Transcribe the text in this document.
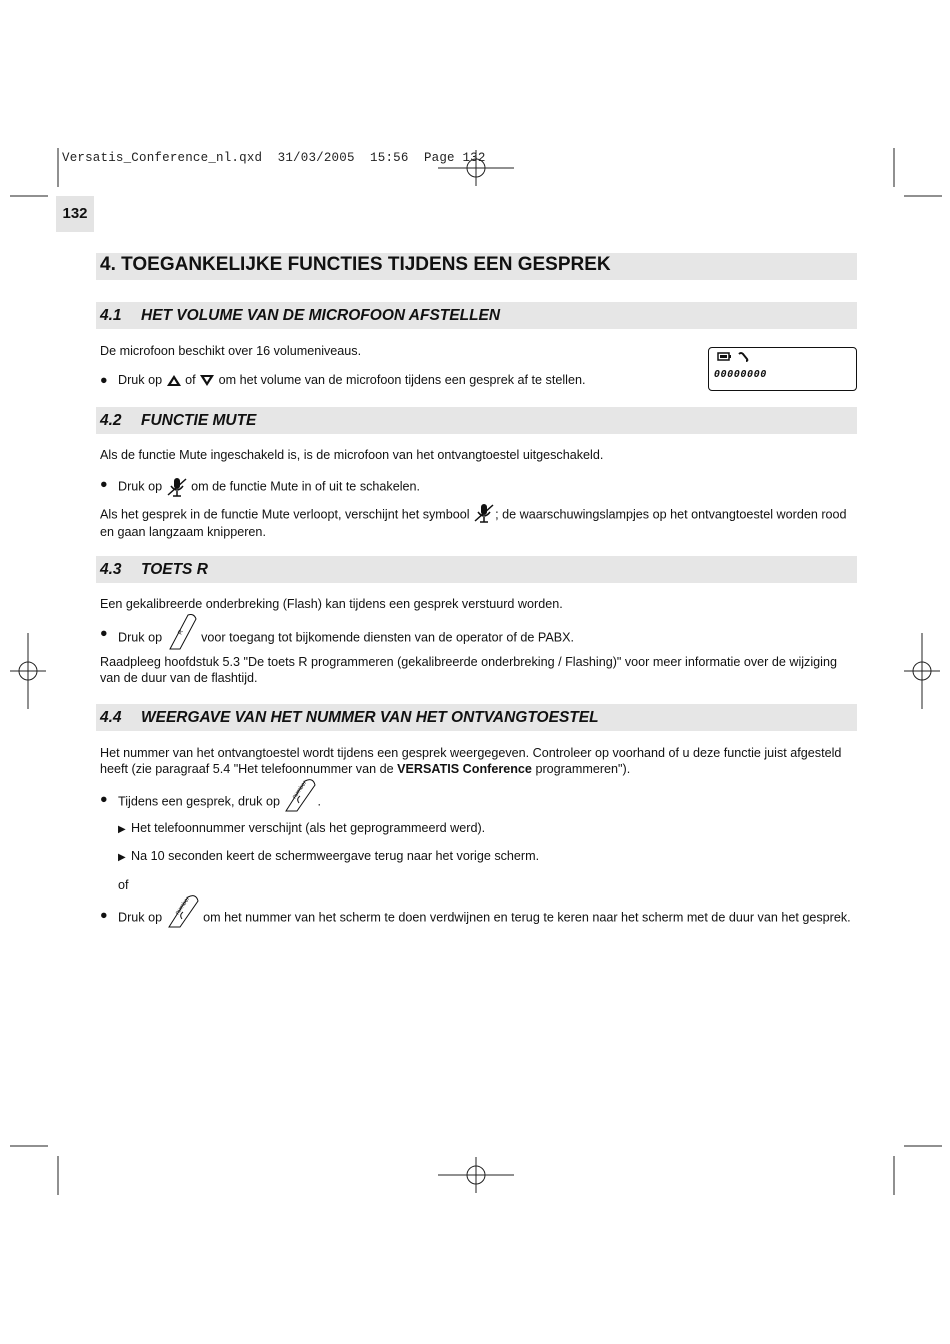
Versatis_Conference_nl.qxd  31/03/2005  15:56  Page 132
132
4. TOEGANKELIJKE FUNCTIES TIJDENS EEN GESPREK
4.1 HET VOLUME VAN DE MICROFOON AFSTELLEN
De microfoon beschikt over 16 volumeniveaus.
● Druk op of om het volume van de microfoon tijdens een gesprek af te stellen.	00000000
4.2 FUNCTIE MUTE
Als de functie Mute ingeschakeld is, is de microfoon van het ontvangtoestel uitgeschakeld.
● Druk op om de functie Mute in of uit te schakelen.
Als het gesprek in de functie Mute verloopt, verschijnt het symbool ; de waarschuwingslampjes op het ontvangtoestel worden rood
en gaan langzaam knipperen.
4.3 TOETS R
Een gekalibreerde onderbreking (Flash) kan tijdens een gesprek verstuurd worden.
● Druk op	R voor toegang tot bijkomende diensten van de operator of de PABX.
Raadpleeg hoofdstuk 5.3 "De toets R programmeren (gekalibreerde onderbreking / Flashing)" voor meer informatie over de wijziging van de duur van de flashtijd.
4.4 WEERGAVE VAN HET NUMMER VAN HET ONTVANGTOESTEL
Het nummer van het ontvangtoestel wordt tijdens een gesprek weergegeven. Controleer op voorhand of u deze functie juist afgesteld heeft (zie paragraaf 5.4 "Het telefoonnummer van de VERSATIS Conference programmeren").
● Tijdens een gesprek, druk op
number
.
▶ Het telefoonnummer verschijnt (als het geprogrammeerd werd).
▶ Na 10 seconden keert de schermweergave terug naar het vorige scherm.
of
● Druk op
number
om het nummer van het scherm te doen verdwijnen en terug te keren naar het scherm met de duur van het gesprek.
